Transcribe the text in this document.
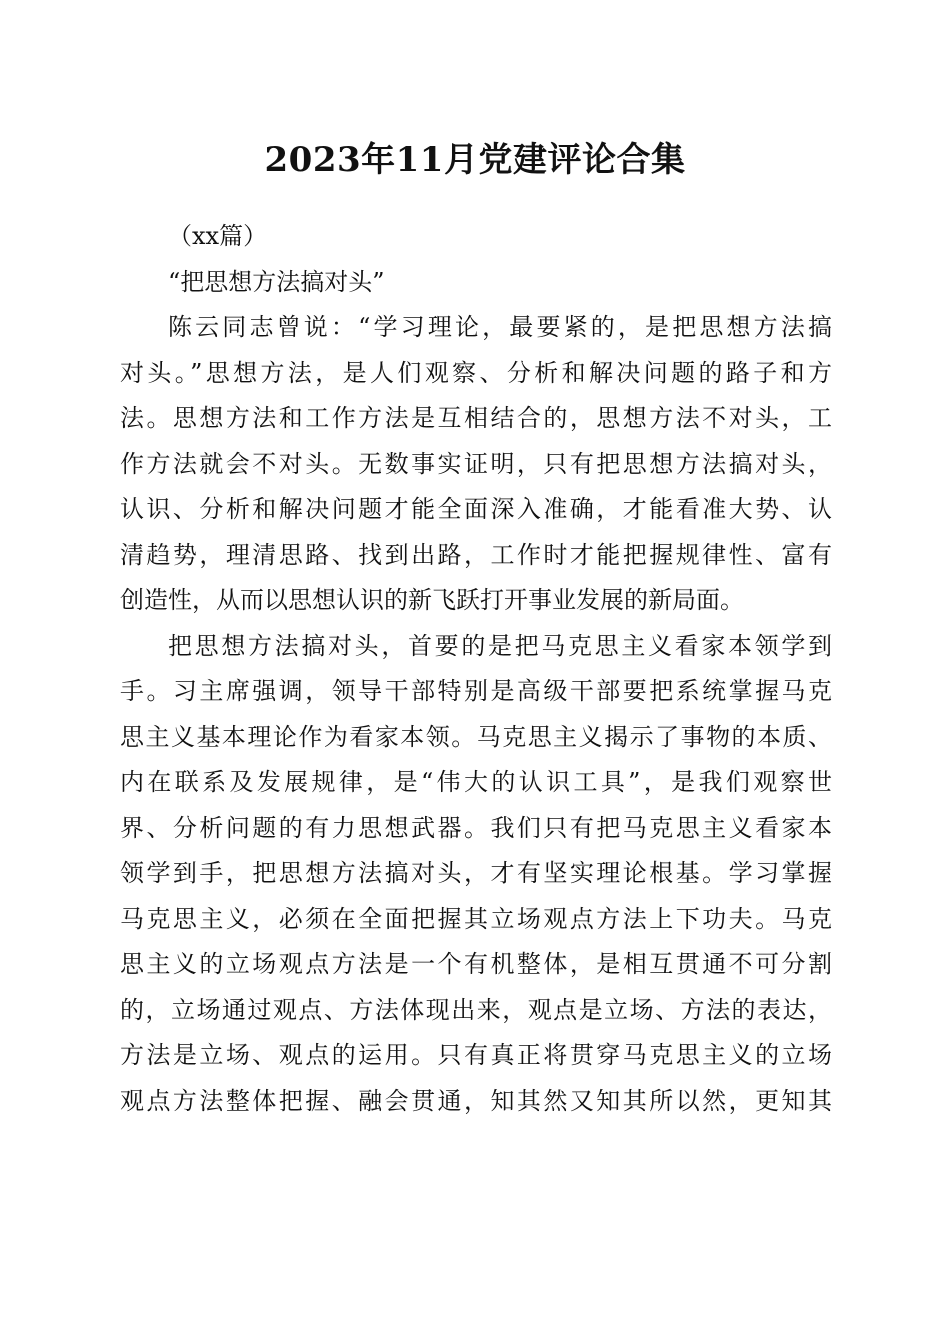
2023年11月党建评论合集
（xx篇）
“把思想方法搞对头”
陈云同志曾说：“学习理论，最要紧的，是把思想方法搞
对头。”思想方法，是人们观察、分析和解决问题的路子和方
法。思想方法和工作方法是互相结合的，思想方法不对头，工
作方法就会不对头。无数事实证明，只有把思想方法搞对头，
认识、分析和解决问题才能全面深入准确，才能看准大势、认
清趋势，理清思路、找到出路，工作时才能把握规律性、富有
创造性，从而以思想认识的新飞跃打开事业发展的新局面。
把思想方法搞对头，首要的是把马克思主义看家本领学到
手。习主席强调，领导干部特别是高级干部要把系统掌握马克
思主义基本理论作为看家本领。马克思主义揭示了事物的本质、
内在联系及发展规律，是“伟大的认识工具”，是我们观察世
界、分析问题的有力思想武器。我们只有把马克思主义看家本
领学到手，把思想方法搞对头，才有坚实理论根基。学习掌握
马克思主义，必须在全面把握其立场观点方法上下功夫。马克
思主义的立场观点方法是一个有机整体，是相互贯通不可分割
的，立场通过观点、方法体现出来，观点是立场、方法的表达，
方法是立场、观点的运用。只有真正将贯穿马克思主义的立场
观点方法整体把握、融会贯通，知其然又知其所以然，更知其
